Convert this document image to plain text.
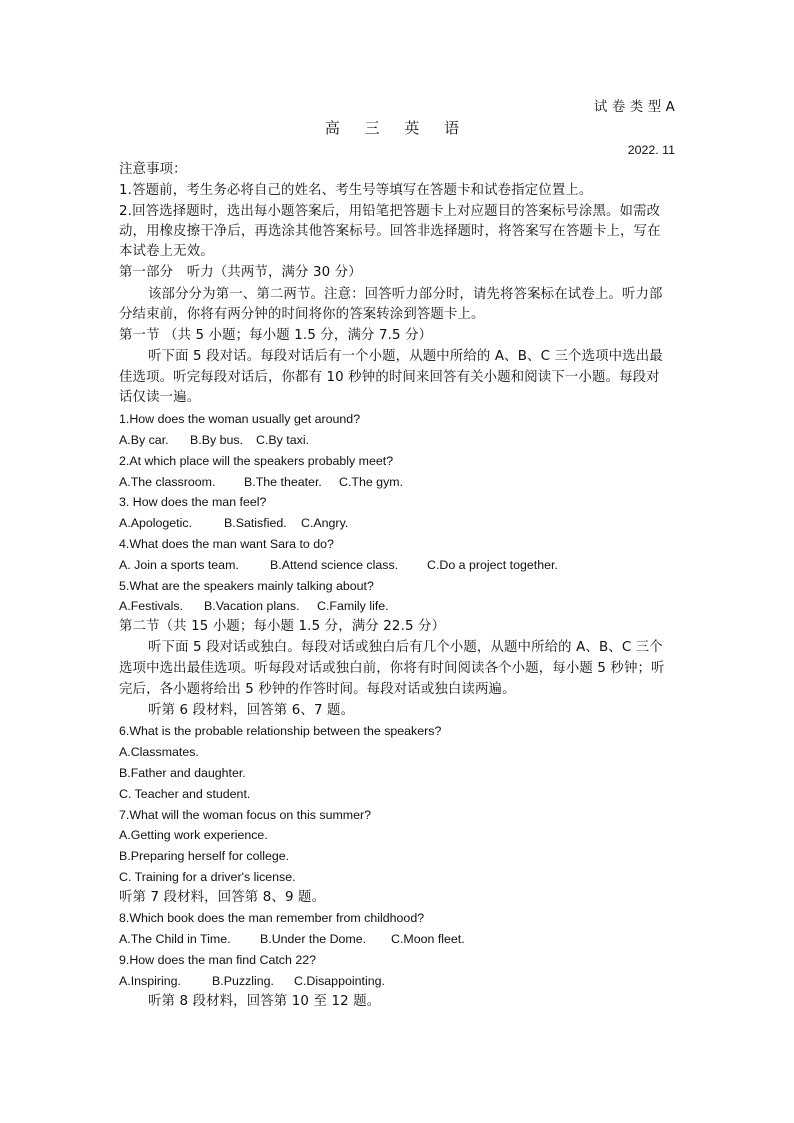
试 卷 类 型 A
高 三 英 语
2022. 11
注意事项：
1.答题前，考生务必将自己的姓名、考生号等填写在答题卡和试卷指定位置上。
2.回答选择题时，选出每小题答案后，用铅笔把答题卡上对应题目的答案标号涂黑。如需改
动，用橡皮擦干净后，再选涂其他答案标号。回答非选择题时，将答案写在答题卡上，写在
本试卷上无效。
第一部分　听力（共两节，满分 30 分）
该部分分为第一、第二两节。注意：回答听力部分时，请先将答案标在试卷上。听力部
分结束前，你将有两分钟的时间将你的答案转涂到答题卡上。
第一节 （共 5 小题；每小题 1.5 分，满分 7.5 分）
听下面 5 段对话。每段对话后有一个小题，从题中所给的 A、B、C 三个选项中选出最
佳选项。听完每段对话后，你都有 10 秒钟的时间来回答有关小题和阅读下一小题。每段对
话仅读一遍。
1.How does the woman usually get around?
A.By car. B.By bus. C.By taxi.
2.At which place will the speakers probably meet?
A.The classroom. B.The theater. C.The gym.
3. How does the man feel?
A.Apologetic.	B.Satisfied. C.Angry.
4.What does the man want Sara to do?
A. Join a sports team.	B.Attend science class. C.Do a project together.
5.What are the speakers mainly talking about?
A.Festivals. B.Vacation plans. C.Family life.
第二节（共 15 小题；每小题 1.5 分，满分 22.5 分）
听下面 5 段对话或独白。每段对话或独白后有几个小题，从题中所给的 A、B、C 三个
选项中选出最佳选项。听每段对话或独白前，你将有时间阅读各个小题，每小题 5 秒钟；听
完后，各小题将给出 5 秒钟的作答时间。每段对话或独白读两遍。
听第 6 段材料，回答第 6、7 题。
6.What is the probable relationship between the speakers?
A.Classmates.
B.Father and daughter.
C. Teacher and student.
7.What will the woman focus on this summer?
A.Getting work experience.
B.Preparing herself for college.
C. Training for a driver's license.
听第 7 段材料，回答第 8、9 题。
8.Which book does the man remember from childhood?
A.The Child in Time. B.Under the Dome. C.Moon fleet.
9.How does the man find Catch 22?
A.Inspiring.	B.Puzzling. C.Disappointing.
听第 8 段材料，回答第 10 至 12 题。
